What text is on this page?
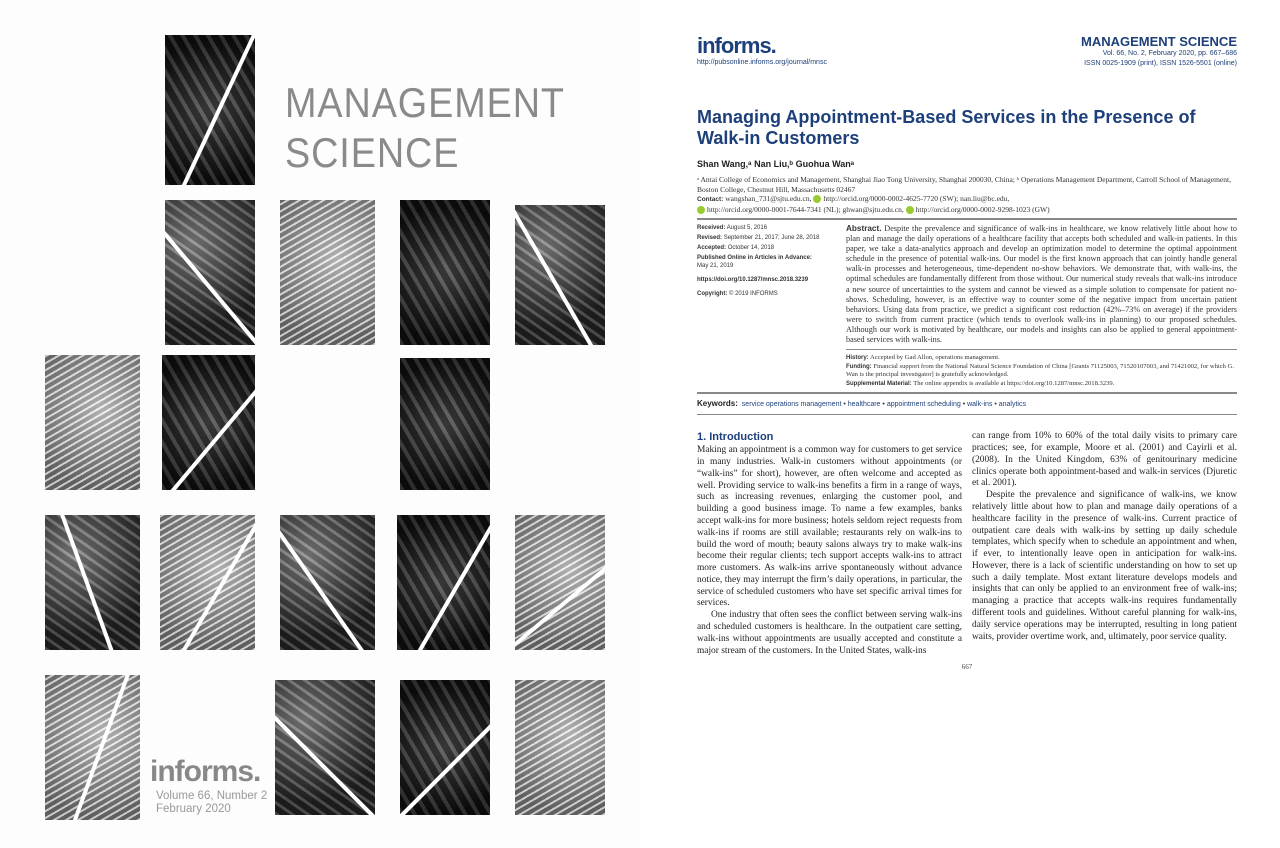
MANAGEMENT
SCIENCE
informs.
Volume 66, Number 2
February 2020
informs.
http://pubsonline.informs.org/journal/mnsc
MANAGEMENT SCIENCE
Vol. 66, No. 2, February 2020, pp. 667–686
ISSN 0025-1909 (print), ISSN 1526-5501 (online)
Managing Appointment-Based Services in the Presence of Walk-in Customers
Shan Wang,ᵃ Nan Liu,ᵇ Guohua Wanᵃ
ᵃ Antai College of Economics and Management, Shanghai Jiao Tong University, Shanghai 200030, China; ᵇ Operations Management Department, Carroll School of Management, Boston College, Chestnut Hill, Massachusetts 02467
Contact: wangshan_731@sjtu.edu.cn, http://orcid.org/0000-0002-4625-7720 (SW); nan.liu@bc.edu,
http://orcid.org/0000-0001-7644-7341 (NL); ghwan@sjtu.edu.cn, http://orcid.org/0000-0002-9298-1023 (GW)

Received: August 5, 2016

Revised: September 21, 2017; June 28, 2018

Accepted: October 14, 2018

Published Online in Articles in Advance:
May 21, 2019

https://doi.org/10.1287/mnsc.2018.3239

Copyright: © 2019 INFORMS

Abstract. Despite the prevalence and significance of walk-ins in healthcare, we know relatively little about how to plan and manage the daily operations of a healthcare facility that accepts both scheduled and walk-in patients. In this paper, we take a data-analytics approach and develop an optimization model to determine the optimal appointment schedule in the presence of potential walk-ins. Our model is the first known approach that can jointly handle general walk-in processes and heterogeneous, time-dependent no-show behaviors. We demonstrate that, with walk-ins, the optimal schedules are fundamentally different from those without. Our numerical study reveals that walk-ins introduce a new source of uncertainties to the system and cannot be viewed as a simple solution to compensate for patient no-shows. Scheduling, however, is an effective way to counter some of the negative impact from uncertain patient behaviors. Using data from practice, we predict a significant cost reduction (42%–73% on average) if the providers were to switch from current practice (which tends to overlook walk-ins in planning) to our proposed schedules. Although our work is motivated by healthcare, our models and insights can also be applied to general appointment-based services with walk-ins.
History: Accepted by Gad Allon, operations management.
Funding: Financial support from the National Natural Science Foundation of China [Grants 71125003, 71520107003, and 71421002, for which G. Wan is the principal investigator] is gratefully acknowledged.
Supplemental Material: The online appendix is available at https://doi.org/10.1287/mnsc.2018.3239.
Keywords: service operations management • healthcare • appointment scheduling • walk-ins • analytics
1. Introduction

Making an appointment is a common way for customers to get service in many industries. Walk-in customers without appointments (or “walk-ins” for short), however, are often welcome and accepted as well. Providing service to walk-ins benefits a firm in a range of ways, such as increasing revenues, enlarging the customer pool, and building a good business image. To name a few examples, banks accept walk-ins for more business; hotels seldom reject requests from walk-ins if rooms are still available; restaurants rely on walk-ins to build the word of mouth; beauty salons always try to make walk-ins become their regular clients; tech support accepts walk-ins to attract more customers. As walk-ins arrive spontaneously without advance notice, they may interrupt the firm’s daily operations, in particular, the service of scheduled customers who have set specific arrival times for services.

One industry that often sees the conflict between serving walk-ins and scheduled customers is healthcare. In the outpatient care setting, walk-ins without appointments are usually accepted and constitute a major stream of the customers. In the United States, walk-ins

can range from 10% to 60% of the total daily visits to primary care practices; see, for example, Moore et al. (2001) and Cayirli et al. (2008). In the United Kingdom, 63% of genitourinary medicine clinics operate both appointment-based and walk-in services (Djuretic et al. 2001).

Despite the prevalence and significance of walk-ins, we know relatively little about how to plan and manage daily operations of a healthcare facility in the presence of walk-ins. Current practice of outpatient care deals with walk-ins by setting up daily schedule templates, which specify when to schedule an appointment and when, if ever, to intentionally leave open in anticipation for walk-ins. However, there is a lack of scientific understanding on how to set up such a daily template. Most extant literature develops models and insights that can only be applied to an environment free of walk-ins; managing a practice that accepts walk-ins requires fundamentally different tools and guidelines. Without careful planning for walk-ins, daily service operations may be interrupted, resulting in long patient waits, provider overtime work, and, ultimately, poor service quality.

667
